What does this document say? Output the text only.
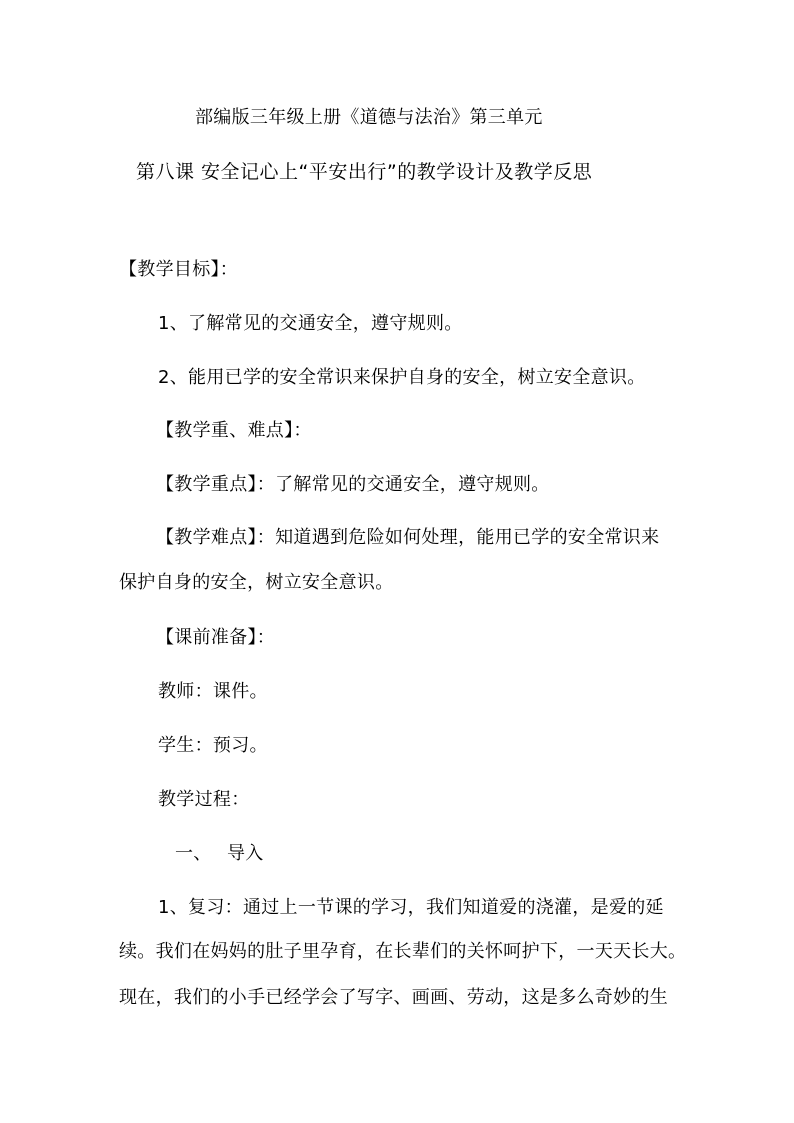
部编版三年级上册《道德与法治》第三单元
第八课 安全记心上“平安出行”的教学设计及教学反思
【教学目标】：
1、了解常见的交通安全，遵守规则。
2、能用已学的安全常识来保护自身的安全，树立安全意识。
【教学重、难点】：
【教学重点】：了解常见的交通安全，遵守规则。
【教学难点】：知道遇到危险如何处理，能用已学的安全常识来
保护自身的安全，树立安全意识。
【课前准备】：
教师：课件。
学生：预习。
教学过程：
一、 导入
1、复习：通过上一节课的学习，我们知道爱的浇灌，是爱的延
续。我们在妈妈的肚子里孕育，在长辈们的关怀呵护下，一天天长大。
现在，我们的小手已经学会了写字、画画、劳动，这是多么奇妙的生
